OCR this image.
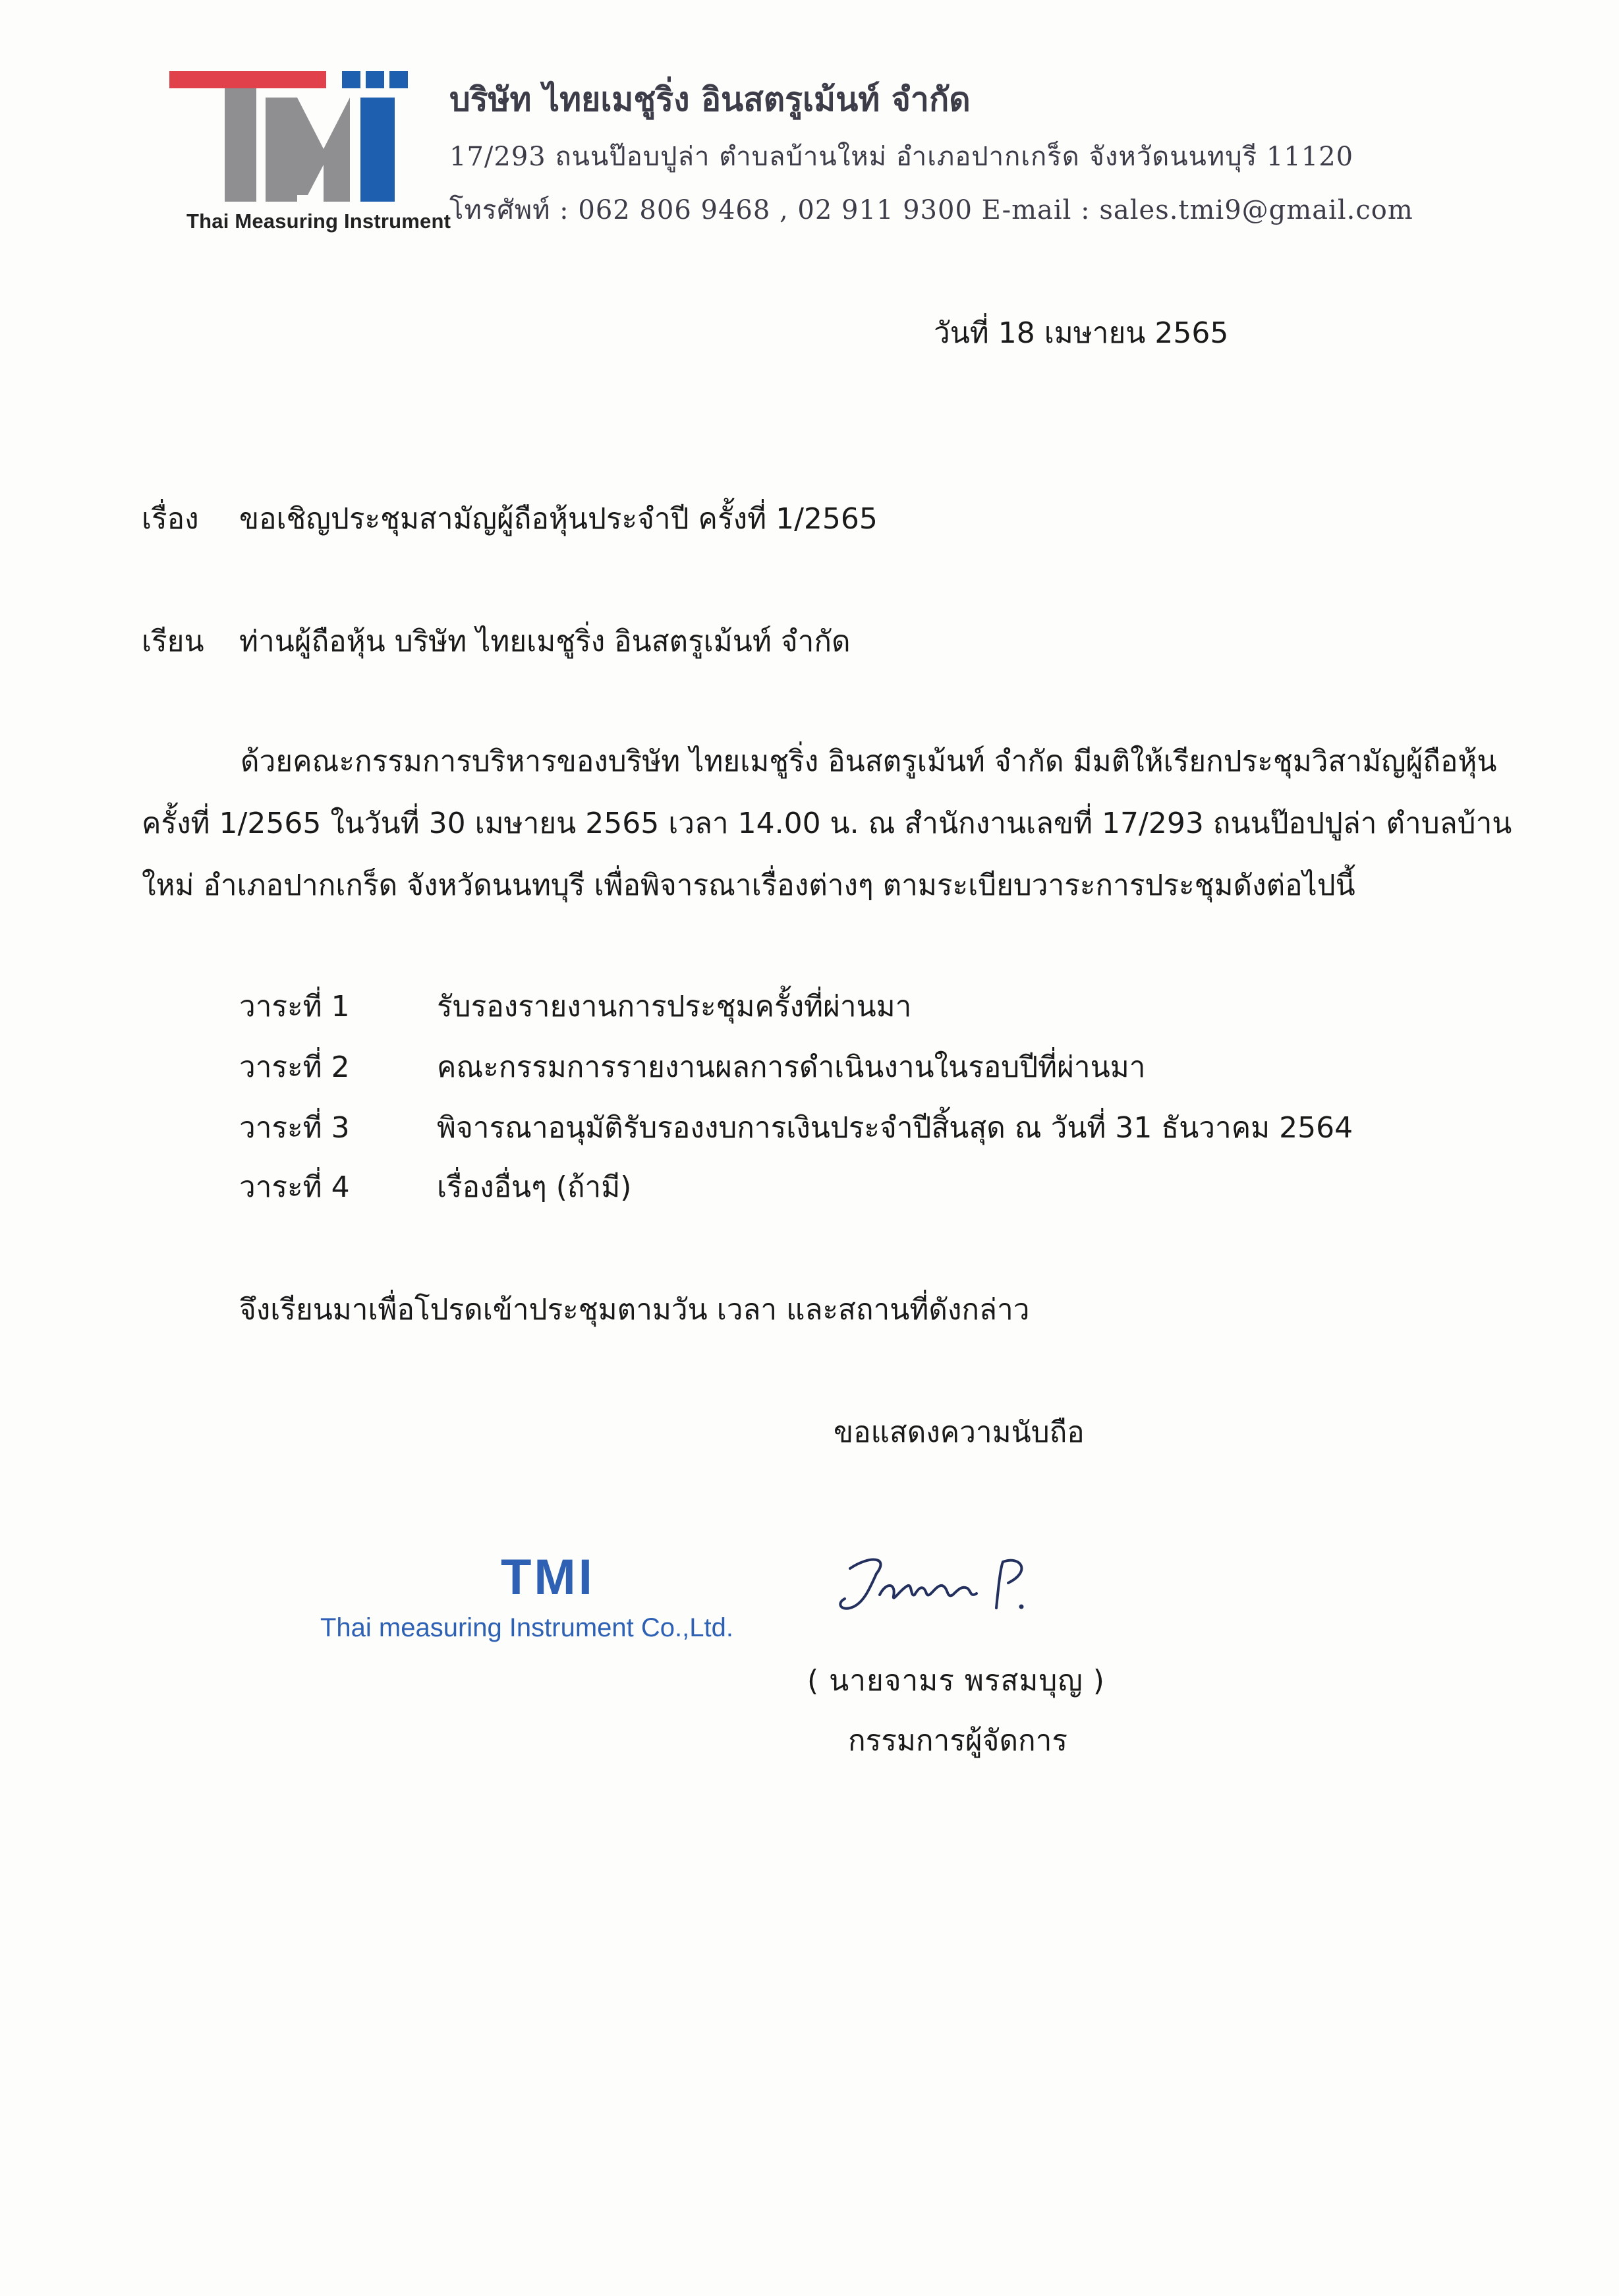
Thai Measuring Instrument
บริษัท ไทยเมชูริ่ง อินสตรูเม้นท์ จำกัด
17/293 ถนนป๊อบปูล่า ตำบลบ้านใหม่ อำเภอปากเกร็ด จังหวัดนนทบุรี 11120
โทรศัพท์ : 062 806 9468 , 02 911 9300 E-mail : sales.tmi9@gmail.com
วันที่ 18 เมษายน 2565
เรื่อง ขอเชิญประชุมสามัญผู้ถือหุ้นประจำปี ครั้งที่ 1/2565
เรียน ท่านผู้ถือหุ้น บริษัท ไทยเมชูริ่ง อินสตรูเม้นท์ จำกัด
ด้วยคณะกรรมการบริหารของบริษัท ไทยเมชูริ่ง อินสตรูเม้นท์ จำกัด มีมติให้เรียกประชุมวิสามัญผู้ถือหุ้น
ครั้งที่ 1/2565 ในวันที่ 30 เมษายน 2565 เวลา 14.00 น. ณ สำนักงานเลขที่ 17/293 ถนนป๊อปปูล่า ตำบลบ้าน
ใหม่ อำเภอปากเกร็ด จังหวัดนนทบุรี เพื่อพิจารณาเรื่องต่างๆ ตามระเบียบวาระการประชุมดังต่อไปนี้
วาระที่ 1	รับรองรายงานการประชุมครั้งที่ผ่านมา
วาระที่ 2	คณะกรรมการรายงานผลการดำเนินงานในรอบปีที่ผ่านมา
วาระที่ 3	พิจารณาอนุมัติรับรองงบการเงินประจำปีสิ้นสุด ณ วันที่ 31 ธันวาคม 2564
วาระที่ 4	เรื่องอื่นๆ (ถ้ามี)
จึงเรียนมาเพื่อโปรดเข้าประชุมตามวัน เวลา และสถานที่ดังกล่าว
ขอแสดงความนับถือ
TMI
Thai measuring Instrument Co.,Ltd.
( นายจามร พรสมบุญ )
กรรมการผู้จัดการ
